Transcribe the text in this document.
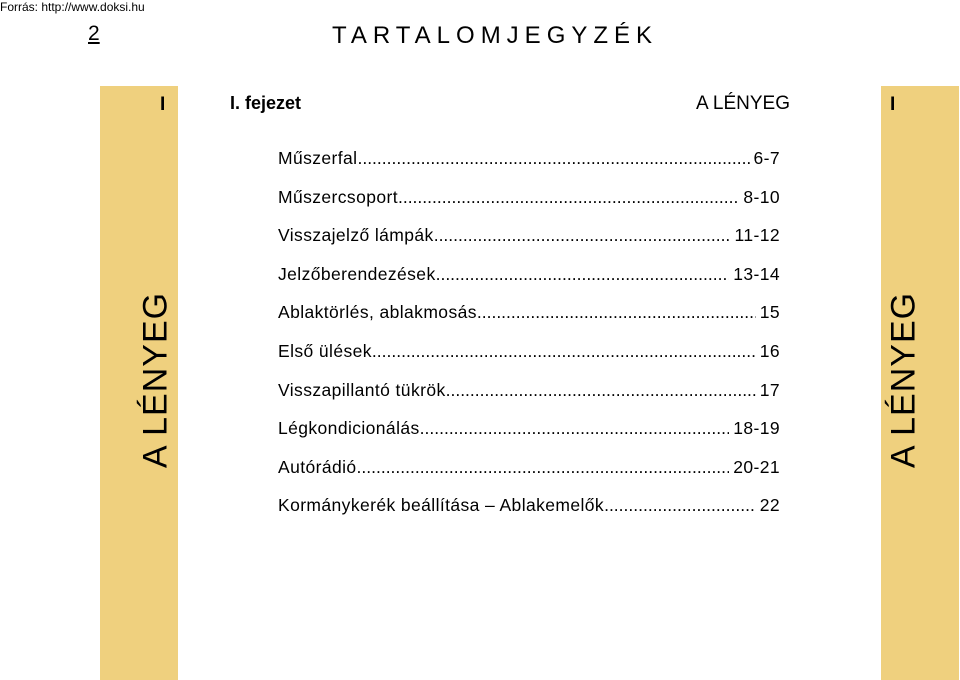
Forrás: http://www.doksi.hu
2	TARTALOMJEGYZÉK
I	I
A LÉNYEG	A LÉNYEG
I. fejezet	A LÉNYEG
Műszerfal .....	6-7
Műszercsoport .....	8-10
Visszajelző lámpák .....	11-12
Jelzőberendezések .....	13-14
Ablaktörlés, ablakmosás .....	15
Első ülések .....	16
Visszapillantó tükrök .....	17
Légkondicionálás .....	18-19
Autórádió .....	20-21
Kormánykerék beállítása – Ablakemelők .....	22
